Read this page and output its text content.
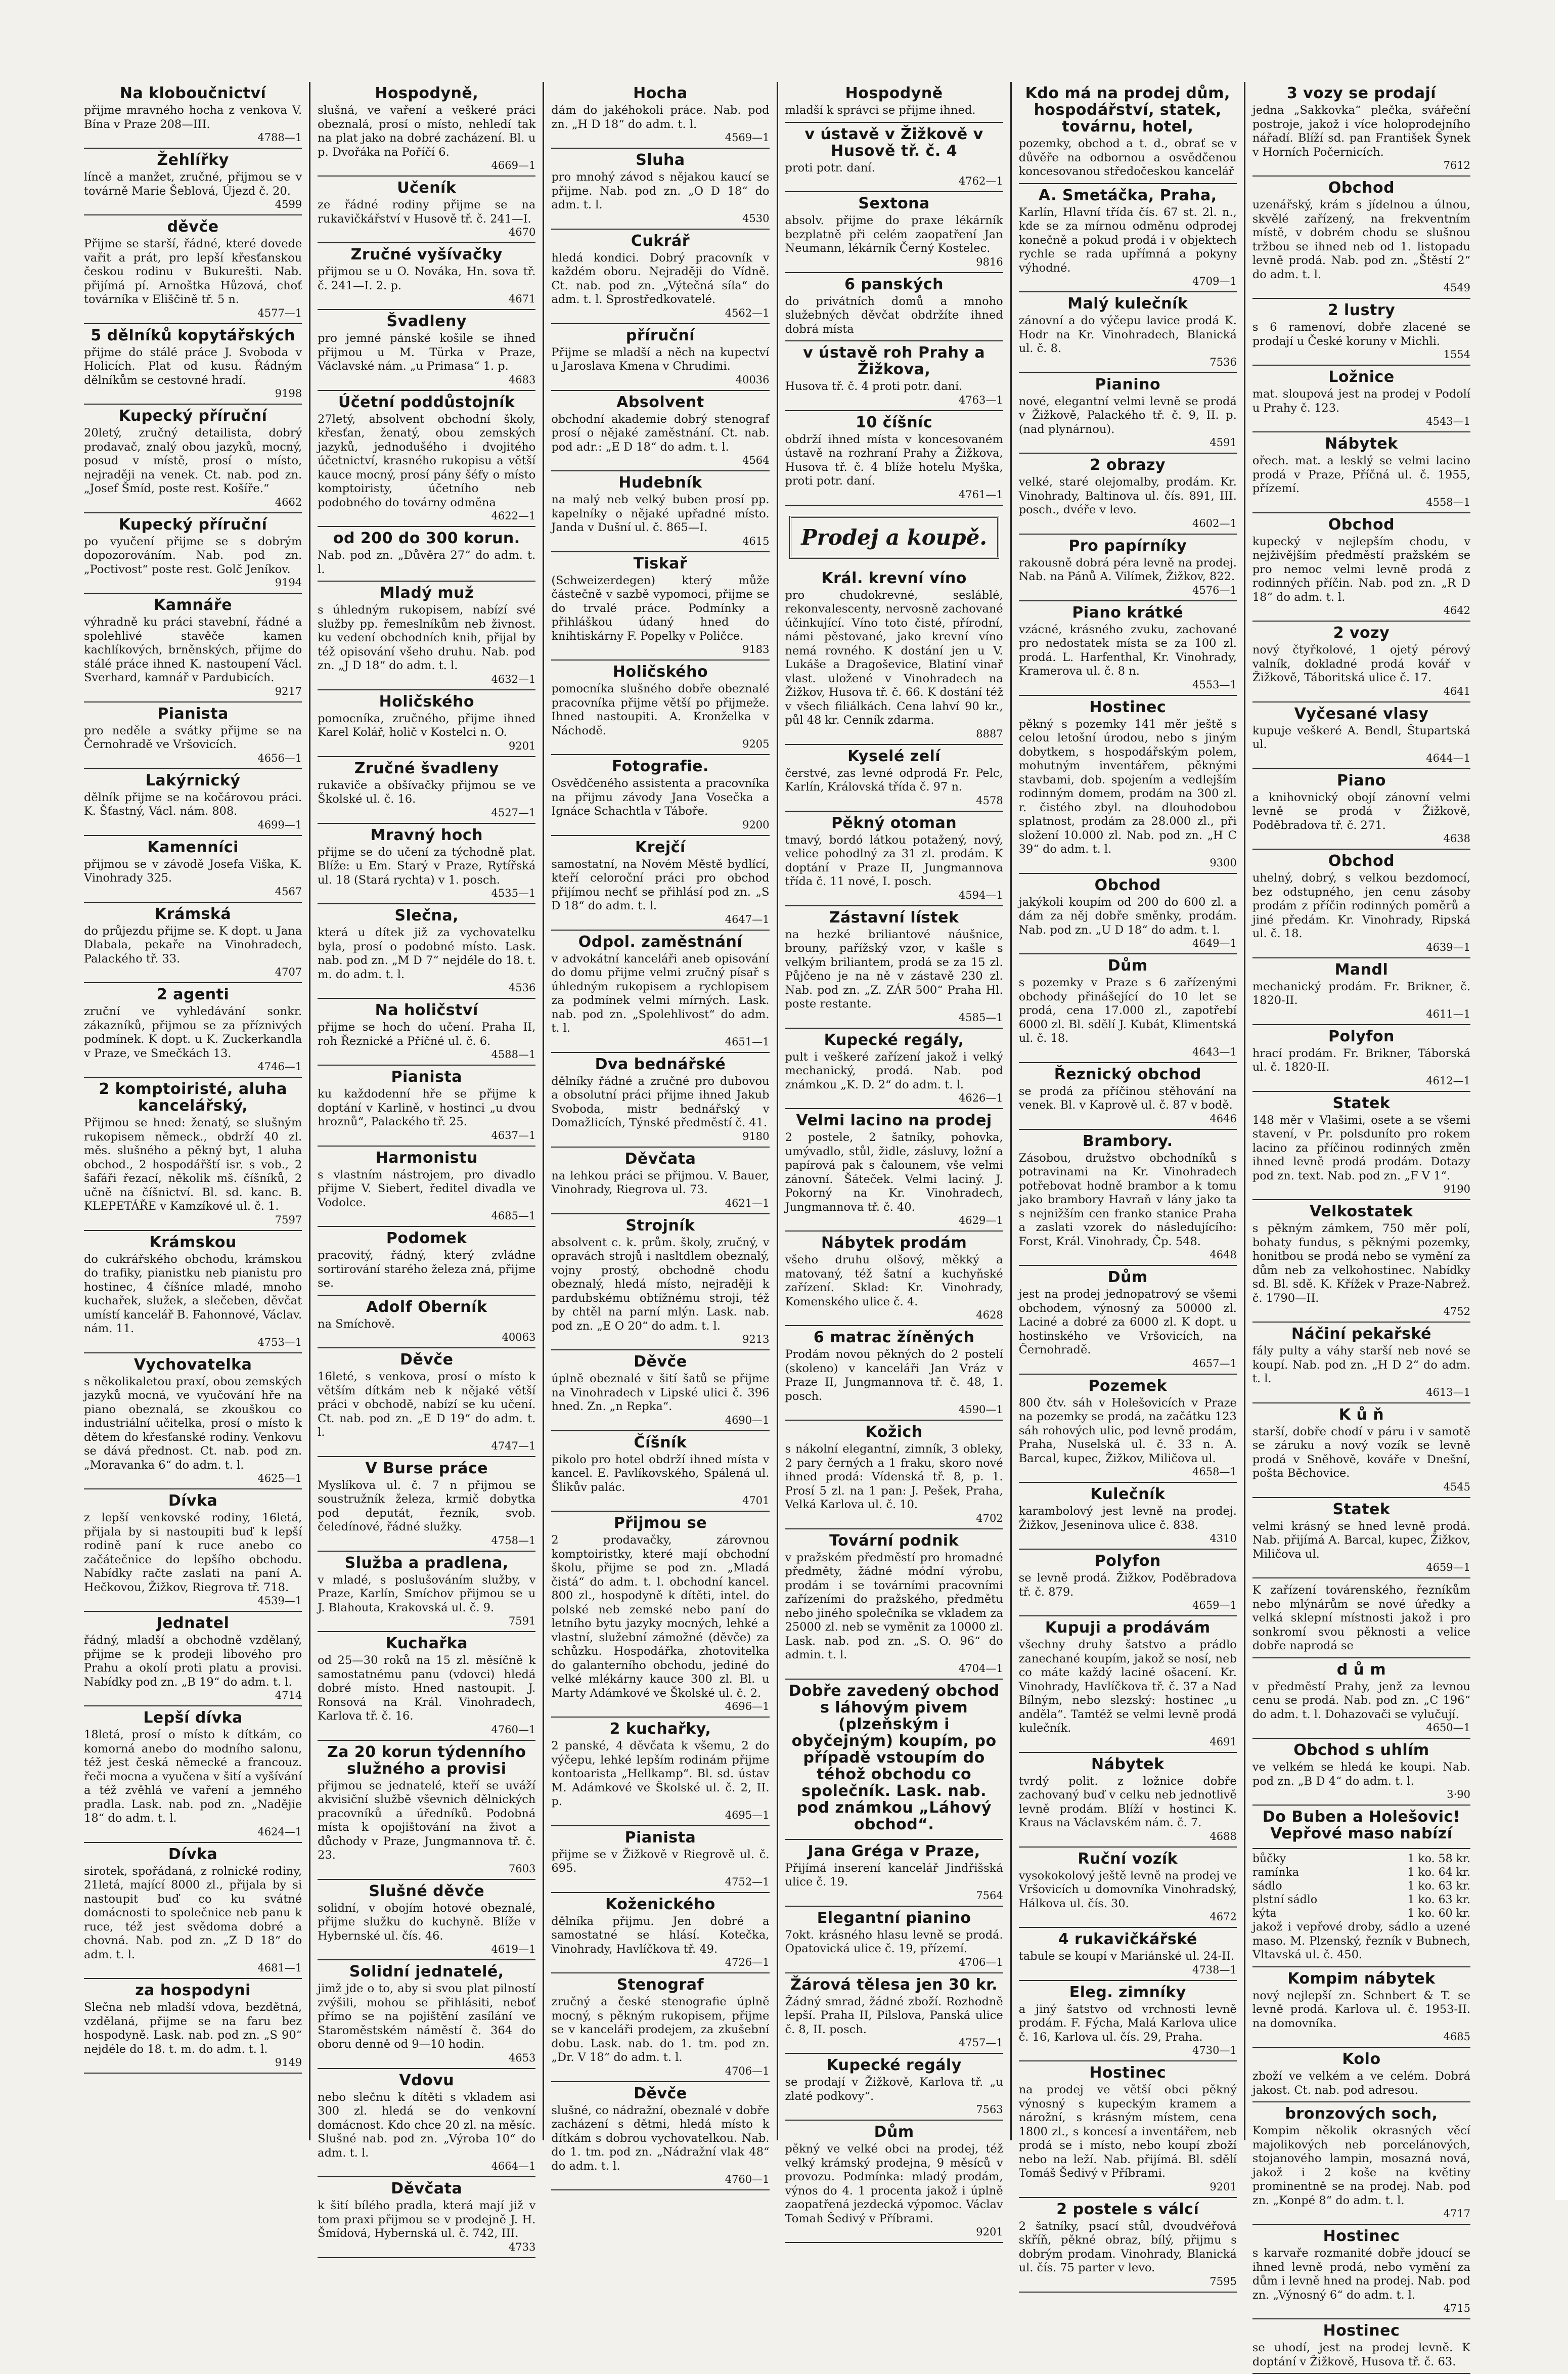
Na kloboučnictví

přijme mravného hocha z venkova V. Bína v Praze 208—III.

4788—1
Žehlířky

líncě a manžet, zručné, přijmou se v továrně Marie Šeblová, Újezd č. 20.

4599
děvče

Přijme se starší, řádné, které dovede vařit a prát, pro lepší křesťanskou českou rodinu v Bukurešti. Nab. přijímá pí. Arnoštka Hůzová, choť továrníka v Eliščině tř. 5 n.

4577—1
5 dělníků kopytářských

přijme do stálé práce J. Svoboda v Holicích. Plat od kusu. Řádným dělníkům se cestovné hradí.

9198
Kupecký příruční

20letý, zručný detailista, dobrý prodavač, znalý obou jazyků, mocný, posud v místě, prosí o místo, nejraději na venek. Ct. nab. pod zn. „Josef Šmíd, poste rest. Košíře.“

4662
Kupecký příruční

po vyučení přijme se s dobrým dopozorováním. Nab. pod zn. „Poctivost“ poste rest. Golč Jeníkov.

9194
Kamnáře

výhradně ku práci stavební, řádné a spolehlivé stavěče kamen kachlíkových, brněnských, přijme do stálé práce ihned K. nastoupení Václ. Sverhard, kamnář v Pardubicích.

9217
Pianista

pro neděle a svátky přijme se na Černohradě ve Vršovicích.

4656—1
Lakýrnický

dělník přijme se na kočárovou práci. K. Šťastný, Václ. nám. 808.

4699—1
Kamenníci

přijmou se v závodě Josefa Viška, K. Vinohrady 325.

4567
Krámská

do průjezdu přijme se. K dopt. u Jana Dlabala, pekaře na Vinohradech, Palackého tř. 33.

4707
2 agenti

zruční ve vyhledávání sonkr. zákazníků, přijmou se za příznivých podmínek. K dopt. u K. Zuckerkandla v Praze, ve Smečkách 13.

4746—1
2 komptoiristé, aluha kancelářský,

Přijmou se hned: ženatý, se slušným rukopisem německ., obdrží 40 zl. měs. slušného a pěkný byt, 1 aluha obchod., 2 hospodářští isr. s vob., 2 šafáři řezací, několik mš. číšníků, 2 učně na číšnictví. Bl. sd. kanc. B. KLEPETÁŘE v Kamzíkové ul. č. 1.

7597
Krámskou

do cukrářského obchodu, krámskou do trafiky, pianistku neb pianistu pro hostinec, 4 číšníce mladé, mnoho kuchařek, služek, a slečeben, děvčat umístí kancelář B. Fahonnové, Václav. nám. 11.

4753—1
Vychovatelka

s několikaletou praxí, obou zemských jazyků mocná, ve vyučování hře na piano obeznalá, se zkouškou co industriální učitelka, prosí o místo k dětem do křesťanské rodiny. Venkovu se dává přednost. Ct. nab. pod zn. „Moravanka 6“ do adm. t. l.

4625—1
Dívka

z lepší venkovské rodiny, 16letá, přijala by si nastoupiti buď k lepší rodině paní k ruce anebo co začátečnice do lepšího obchodu. Nabídky račte zaslati na paní A. Hečkovou, Žižkov, Riegrova tř. 718.

4539—1
Jednatel

řádný, mladší a obchodně vzdělaný, přijme se k prodeji libového pro Prahu a okolí proti platu a provisi. Nabídky pod zn. „B 19“ do adm. t. l.

4714
Lepší dívka

18letá, prosí o místo k dítkám, co komorná anebo do modního salonu, též jest česká německé a francouz. řeči mocna a vyučena v šití a vyšívání a též zvěhlá ve vaření a jemného pradla. Lask. nab. pod zn. „Nadějie 18“ do adm. t. l.

4624—1
Dívka

sirotek, spořádaná, z rolnické rodiny, 21letá, mající 8000 zl., přijala by si nastoupit buď co ku svátné domácnosti to společnice neb panu k ruce, též jest svědoma dobré a chovná. Nab. pod zn. „Z D 18“ do adm. t. l.

4681—1
za hospodyni

Slečna neb mladší vdova, bezdětná, vzdělaná, přijme se na faru bez hospodyně. Lask. nab. pod zn. „S 90“ nejdéle do 18. t. m. do adm. t. l.

9149
Hospodyně,

slušná, ve vaření a veškeré práci obeznalá, prosí o místo, nehledí tak na plat jako na dobré zacházení. Bl. u p. Dvořáka na Poříčí 6.

4669—1
Učeník

ze řádné rodiny přijme se na rukavičkářství v Husově tř. č. 241—I.

4670
Zručné vyšívačky

přijmou se u O. Nováka, Hn. sova tř. č. 241—I. 2. p.

4671
Švadleny

pro jemné pánské košile se ihned přijmou u M. Türka v Praze, Václavské nám. „u Primasa“ 1. p.

4683
Účetní poddůstojník

27letý, absolvent obchodní školy, křesťan, ženatý, obou zemských jazyků, jednodušého i dvojitého účetnictví, krasného rukopisu a větší kauce mocný, prosí pány šéfy o místo komptoiristy, účetního neb podobného do továrny odměna

4622—1
od 200 do 300 korun.

Nab. pod zn. „Důvěra 27“ do adm. t. l.

Mladý muž

s úhledným rukopisem, nabízí své služby pp. řemeslníkům neb živnost. ku vedení obchodních knih, přijal by též opisování všeho druhu. Nab. pod zn. „J D 18“ do adm. t. l.

4632—1
Holičského

pomocníka, zručného, přijme ihned Karel Kolář, holič v Kostelci n. O.

9201
Zručné švadleny

rukaviče a obšívačky přijmou se ve Školské ul. č. 16.

4527—1
Mravný hoch

přijme se do učení za týchodně plat. Blíže: u Em. Starý v Praze, Rytířská ul. 18 (Stará rychta) v 1. posch.

4535—1
Slečna,

která u dítek již za vychovatelku byla, prosí o podobné místo. Lask. nab. pod zn. „M D 7“ nejdéle do 18. t. m. do adm. t. l.

4536
Na holičství

přijme se hoch do učení. Praha II, roh Řeznické a Příčné ul. č. 6.

4588—1
Pianista

ku každodenní hře se přijme k doptání v Karlině, v hostinci „u dvou hroznů“, Palackého tř. 25.

4637—1
Harmonistu

s vlastním nástrojem, pro divadlo přijme V. Siebert, ředitel divadla ve Vodolce.

4685—1
Podomek

pracovitý, řádný, který zvládne sortirování starého železa zná, přijme se.

Adolf Oberník

na Smíchově.

40063
Děvče

16leté, s venkova, prosí o místo k větším dítkám neb k nějaké větší práci v obchodě, nabízí se ku učení. Ct. nab. pod zn. „E D 19“ do adm. t. l.

4747—1
V Burse práce

Myslíkova ul. č. 7 n přijmou se soustružník železa, krmič dobytka pod deputát, řezník, svob. čeledínové, řádné služky.

4758—1
Služba a pradlena,

v mladé, s poslušováním služby, v Praze, Karlín, Smíchov přijmou se u J. Blahouta, Krakovská ul. č. 9.

7591
Kuchařka

od 25—30 roků na 15 zl. měsíčně k samostatnému panu (vdovci) hledá dobré místo. Hned nastoupit. J. Ronsová na Král. Vinohradech, Karlova tř. č. 16.

4760—1
Za 20 korun týdenního služného a provisi

přijmou se jednatelé, kteří se uváží akvisiční službě vševnich dělnických pracovníků a úředníků. Podobná místa k opojištování na život a důchody v Praze, Jungmannova tř. č. 23.

7603
Slušné děvče

solidní, v obojím hotové obeznalé, přijme služku do kuchyně. Blíže v Hybernské ul. čís. 46.

4619—1
Solidní jednatelé,

jimž jde o to, aby si svou plat pilností zvýšili, mohou se přihlásiti, neboť přímo se na pojištění zasílání ve Staroměstském náměstí č. 364 do oboru denně od 9—10 hodin.

4653
Vdovu

nebo slečnu k dítěti s vkladem asi 300 zl. hledá se do venkovní domácnost. Kdo chce 20 zl. na měsíc. Slušné nab. pod zn. „Výroba 10“ do adm. t. l.

4664—1
Děvčata

k šití bílého pradla, která mají již v tom praxi přijmou se v prodejně J. H. Šmídová, Hybernská ul. č. 742, III.

4733
Hocha

dám do jakéhokoli práce. Nab. pod zn. „H D 18“ do adm. t. l.

4569—1
Sluha

pro mnohý závod s nějakou kaucí se přijme. Nab. pod zn. „O D 18“ do adm. t. l.

4530
Cukrář

hledá kondici. Dobrý pracovník v každém oboru. Nejraději do Vídně. Ct. nab. pod zn. „Výtečná síla“ do adm. t. l. Sprostředkovatelé.

4562—1
příruční

Přijme se mladší a něch na kupectví u Jaroslava Kmena v Chrudimi.

40036
Absolvent

obchodní akademie dobrý stenograf prosí o nějaké zaměstnání. Ct. nab. pod adr.: „E D 18“ do adm. t. l.

4564
Hudebník

na malý neb velký buben prosí pp. kapelníky o nějaké upřadné místo. Janda v Dušní ul. č. 865—I.

4615
Tiskař

(Schweizerdegen) který může částečně v sazbě vypomoci, přijme se do trvalé práce. Podmínky a přihláškou údaný hned do knihtiskárny F. Popelky v Poličce.

9183
Holičského

pomocníka slušného dobře obeznalé pracovníka přijme větší po přijmeže. Ihned nastoupiti. A. Kronželka v Náchodě.

9205
Fotografie.

Osvědčeného assistenta a pracovníka na přijmu závody Jana Vosečka a Ignáce Schachtla v Táboře.

9200
Krejčí

samostatní, na Novém Městě bydlící, kteří celoroční práci pro obchod přijímou nechť se přihlásí pod zn. „S D 18“ do adm. t. l.

4647—1
Odpol. zaměstnání

v advokátní kanceláři aneb opisování do domu přijme velmi zručný písař s úhledným rukopisem a rychlopisem za podmínek velmi mírných. Lask. nab. pod zn. „Spolehlivost“ do adm. t. l.

4651—1
Dva bednářské

dělníky řádné a zručné pro dubovou a obsolutní práci přijme ihned Jakub Svoboda, mistr bednářský v Domažlicích, Týnské předměstí č. 41.

9180
Děvčata

na lehkou práci se přijmou. V. Bauer, Vinohrady, Riegrova ul. 73.

4621—1
Strojník

absolvent c. k. prům. školy, zručný, v opravách strojů i nasltdlem obeznalý, vojny prostý, obchodně chodu obeznalý, hledá místo, nejraději k pardubskému obtížnému stroji, též by chtěl na parní mlýn. Lask. nab. pod zn. „E O 20“ do adm. t. l.

9213
Děvče

úplně obeznalé v šití šatů se přijme na Vinohradech v Lipské ulici č. 396 hned. Zn. „n Repka“.

4690—1
Číšník

pikolo pro hotel obdrží ihned místa v kancel. E. Pavlíkovského, Spálená ul. Šlikův palác.

4701
Přijmou se

2 prodavačky, zárovnou komptoiristky, které mají obchodní školu, přijme se pod zn. „Mladá čistá“ do adm. t. l. obchodní kancel. 800 zl., hospodyně k dítěti, intel. do polské neb zemské nebo paní do letního bytu jazyky mocných, lehké a vlastní, služební zámožné (děvče) za schůzku. Hospodářka, zhotovitelka do galanterního obchodu, jediné do velké mlékárny kauce 300 zl. Bl. u Marty Adámkové ve Školské ul. č. 2.

4696—1
2 kuchařky,

2 panské, 4 děvčata k všemu, 2 do výčepu, lehké lepším rodinám přijme kontoarista „Hellkamp“. Bl. sd. ústav M. Adámkové ve Školské ul. č. 2, II. p.

4695—1
Pianista

přijme se v Žižkově v Riegrově ul. č. 695.

4752—1
Koženického

dělníka přijmu. Jen dobré a samostatné se hlásí. Kotečka, Vinohrady, Havlíčkova tř. 49.

4726—1
Stenograf

zručný a české stenografie úplně mocný, s pěkným rukopisem, přijme se v kanceláři prodejem, za zkušební dobu. Lask. nab. do 1. tm. pod zn. „Dr. V 18“ do adm. t. l.

4706—1
Děvče

slušné, co nádražní, obeznalé v dobře zacházení s dětmi, hledá místo k dítkám s dobrou vychovatelkou. Nab. do 1. tm. pod zn. „Nádražní vlak 48“ do adm. t. l.

4760—1
Hospodyně

mladší k správci se přijme ihned.

v ústavě v Žižkově v Husově tř. č. 4

proti potr. daní.

4762—1
Sextona

absolv. přijme do praxe lékárník bezplatně při celém zaopatření Jan Neumann, lékárník Černý Kostelec.

9816
6 panských

do privátních domů a mnoho služebných děvčat obdržíte ihned dobrá místa

v ústavě roh Prahy a Žižkova,

Husova tř. č. 4 proti potr. daní.

4763—1
10 číšníc

obdrží ihned místa v koncesovaném ústavě na rozhraní Prahy a Žižkova, Husova tř. č. 4 blíže hotelu Myška, proti potr. daní.

4761—1
Prodej a koupě.
Král. krevní víno

pro chudokrevné, sesláblé, rekonvalescenty, nervosně zachované účinkující. Víno toto čisté, přírodní, námi pěstované, jako krevní víno nemá rovného. K dostání jen u V. Lukáše a Dragoševice, Blatiní vinař vlast. uložené v Vinohradech na Žižkov, Husova tř. č. 66. K dostání též v všech filiálkách. Cena lahví 90 kr., půl 48 kr. Cenník zdarma.

8887
Kyselé zelí

čerstvé, zas levné odprodá Fr. Pelc, Karlín, Královská třída č. 97 n.

4578
Pěkný otoman

tmavý, bordó látkou potažený, nový, velice pohodlný za 31 zl. prodám. K doptání v Praze II, Jungmannova třída č. 11 nové, I. posch.

4594—1
Zástavní lístek

na hezké briliantové náušnice, brouny, pařížský vzor, v kašle s velkým briliantem, prodá se za 15 zl. Půjčeno je na ně v zástavě 230 zl. Nab. pod zn. „Z. ZÁR 500“ Praha Hl. poste restante.

4585—1
Kupecké regály,

pult i veškeré zařízení jakož i velký mechanický, prodá. Nab. pod známkou „K. D. 2“ do adm. t. l.

4626—1
Velmi lacino na prodej

2 postele, 2 šatníky, pohovka, umývadlo, stůl, židle, zásluvy, ložní a papírová pak s čalounem, vše velmi zánovní. Šáteček. Velmi laciný. J. Pokorný na Kr. Vinohradech, Jungmannova tř. č. 40.

4629—1
Nábytek prodám

všeho druhu olšový, měkký a matovaný, též šatní a kuchyňské zařízení. Sklad: Kr. Vinohrady, Komenského ulice č. 4.

4628
6 matrac žíněných

Prodám novou pěkných do 2 postelí (skoleno) v kanceláři Jan Vráz v Praze II, Jungmannova tř. č. 48, 1. posch.

4590—1
Kožich

s nákolní elegantní, zimník, 3 obleky, 2 pary černých a 1 fraku, skoro nové ihned prodá: Vídenská tř. 8, p. 1. Prosí 5 zl. na 1 pan: J. Pešek, Praha, Velká Karlova ul. č. 10.

4702
Tovární podnik

v pražském předměstí pro hromadné předměty, žádné módní výrobu, prodám i se továrními pracovními zařízeními do pražského, předmětu nebo jiného společníka se vkladem za 25000 zl. neb se vyměnit za 10000 zl. Lask. nab. pod zn. „S. O. 96“ do admin. t. l.

4704—1
Dobře zavedený obchod s láhovým pivem (plzeňským i obyčejným) koupím, po případě vstoupím do téhož obchodu co společník. Lask. nab. pod známkou „Láhový obchod“.

Jana Gréga v Praze,

Přijímá inserení kancelář Jindřišská ulice č. 19.

7564
Elegantní pianino

7okt. krásného hlasu levně se prodá. Opatovická ulice č. 19, přízemí.

4706—1
Žárová tělesa jen 30 kr.

Žádný smrad, žádné zboží. Rozhodně lepší. Praha II, Pilslova, Panská ulice č. 8, II. posch.

4757—1
Kupecké regály

se prodají v Žižkově, Karlova tř. „u zlaté podkovy“.

7563
Dům

pěkný ve velké obci na prodej, též velký krámský prodejna, 9 měsíců v provozu. Podmínka: mladý prodám, výnos do 4. 1 procenta jakož i úplně zaopatřená jezdecká výpomoc. Václav Tomah Šedivý v Příbrami.

9201
Kdo má na prodej dům, hospodářství, statek, továrnu, hotel,

pozemky, obchod a t. d., obrať se v důvěře na odbornou a osvědčenou koncesovanou středočeskou kancelář

A. Smetáčka, Praha,

Karlín, Hlavní třída čís. 67 st. 2l. n., kde se za mírnou odměnu odprodej konečně a pokud prodá i v objektech rychle se rada upřímná a pokyny výhodné.

4709—1
Malý kulečník

zánovní a do výčepu lavice prodá K. Hodr na Kr. Vinohradech, Blanická ul. č. 8.

7536
Pianino

nové, elegantní velmi levně se prodá v Žižkově, Palackého tř. č. 9, II. p. (nad plynárnou).

4591
2 obrazy

velké, staré olejomalby, prodám. Kr. Vinohrady, Baltinova ul. čís. 891, III. posch., dvéře v levo.

4602—1
Pro papírníky

rakousně dobrá péra levně na prodej. Nab. na Pánů A. Vilímek, Žižkov, 822.

4576—1
Piano krátké

vzácné, krásného zvuku, zachované pro nedostatek místa se za 100 zl. prodá. L. Harfenthal, Kr. Vinohrady, Kramerova ul. č. 8 n.

4553—1
Hostinec

pěkný s pozemky 141 měr ještě s celou letošní úrodou, nebo s jiným dobytkem, s hospodářským polem, mohutným inventářem, pěknými stavbami, dob. spojením a vedlejším rodinným domem, prodám na 300 zl. r. čistého zbyl. na dlouhodobou splatnost, prodám za 28.000 zl., při složení 10.000 zl. Nab. pod zn. „H C 39“ do adm. t. l.

9300
Obchod

jakýkoli koupím od 200 do 600 zl. a dám za něj dobře směnky, prodám. Nab. pod zn. „U D 18“ do adm. t. l.

4649—1
Dům

s pozemky v Praze s 6 zařízenými obchody přinášející do 10 let se prodá, cena 17.000 zl., zapotřebí 6000 zl. Bl. sdělí J. Kubát, Klimentská ul. č. 18.

4643—1
Řeznický obchod

se prodá za příčinou stěhování na venek. Bl. v Kaprově ul. č. 87 v bodě.

4646
Brambory.

Zásobou, družstvo obchodníků s potravinami na Kr. Vinohradech potřebovat hodně brambor a k tomu jako brambory Havraň v lány jako ta s nejnižším cen franko stanice Praha a zaslati vzorek do následujícího: Forst, Král. Vinohrady, Čp. 548.

4648
Dům

jest na prodej jednopatrový se všemi obchodem, výnosný za 50000 zl. Laciné a dobré za 6000 zl. K dopt. u hostinského ve Vršovicích, na Černohradě.

4657—1
Pozemek

800 čtv. sáh v Holešovicích v Praze na pozemky se prodá, na začátku 123 sáh rohových ulic, pod levně prodám, Praha, Nuselská ul. č. 33 n. A. Barcal, kupec, Žižkov, Miličova ul.

4658—1
Kulečník

karambolový jest levně na prodej. Žižkov, Jeseninova ulice č. 838.

4310
Polyfon

se levně prodá. Žižkov, Poděbradova tř. č. 879.

4659—1
Kupuji a prodávám

všechny druhy šatstvo a prádlo zanechané koupím, jakož se nosí, neb co máte každý laciné ošacení. Kr. Vinohrady, Havlíčkova tř. č. 37 a Nad Bílným, nebo slezský: hostinec „u anděla“. Tamtéž se velmi levně prodá kulečník.

4691
Nábytek

tvrdý polit. z ložnice dobře zachovaný buď v celku neb jednotlivě levně prodám. Blíží v hostinci K. Kraus na Václavském nám. č. 7.

4688
Ruční vozík

vysokokolový ještě levně na prodej ve Vršovicích u domovníka Vinohradský, Hálkova ul. čís. 30.

4672
4 rukavičkářské

tabule se koupí v Mariánské ul. 24-II.

4738—1
Eleg. zimníky

a jiný šatstvo od vrchnosti levně prodám. F. Fýcha, Malá Karlova ulice č. 16, Karlova ul. čís. 29, Praha.

4730—1
Hostinec

na prodej ve větší obci pěkný výnosný s kupeckým kramem a nárožní, s krásným místem, cena 1800 zl., s koncesí a inventářem, neb prodá se i místo, nebo koupí zboží nebo na leží. Nab. přijímá. Bl. sdělí Tomáš Šedivý v Příbrami.

9201
2 postele s válcí

2 šatníky, psací stůl, dvoudvéřová skříň, pěkné obraz, bílý, přijmu s dobrým prodam. Vinohrady, Blanická ul. čís. 75 parter v levo.

7595
3 vozy se prodají

jedna „Sakkovka“ plečka, svářeční postroje, jakož i více holoprodejního nářadí. Blíží sd. pan František Šynek v Horních Počernicích.

7612
Obchod

uzenářský, krám s jídelnou a úlnou, skvělé zařízený, na frekventním místě, v dobrém chodu se slušnou tržbou se ihned neb od 1. listopadu levně prodá. Nab. pod zn. „Štěstí 2“ do adm. t. l.

4549
2 lustry

s 6 ramenoví, dobře zlacené se prodají u České koruny v Michli.

1554
Ložnice

mat. sloupová jest na prodej v Podolí u Prahy č. 123.

4543—1
Nábytek

ořech. mat. a lesklý se velmi lacino prodá v Praze, Příčná ul. č. 1955, přízemí.

4558—1
Obchod

kupecký v nejlepším chodu, v nejživějším předměstí pražském se pro nemoc velmi levně prodá z rodinných příčin. Nab. pod zn. „R D 18“ do adm. t. l.

4642
2 vozy

nový čtyřkolové, 1 ojetý pérový valník, dokladné prodá kovář v Žižkově, Táboritská ulice č. 17.

4641
Vyčesané vlasy

kupuje veškeré A. Bendl, Štupartská ul.

4644—1
Piano

a knihovnický obojí zánovní velmi levně se prodá v Žižkově, Poděbradova tř. č. 271.

4638
Obchod

uhelný, dobrý, s velkou bezdomocí, bez odstupného, jen cenu zásoby prodám z příčin rodinných poměrů a jiné předám. Kr. Vinohrady, Ripská ul. č. 18.

4639—1
Mandl

mechanický prodám. Fr. Brikner, č. 1820-II.

4611—1
Polyfon

hrací prodám. Fr. Brikner, Táborská ul. č. 1820-II.

4612—1
Statek

148 měr v Vlašimi, osete a se všemi stavení, v Pr. polsduníto pro rokem lacino za příčinou rodinných změn ihned levně prodá prodám. Dotazy pod zn. text. Nab. pod zn. „F V 1“.

9190
Velkostatek

s pěkným zámkem, 750 měr polí, bohaty fundus, s pěknými pozemky, honitbou se prodá nebo se vymění za dům neb za velkohostinec. Nabídky sd. Bl. sdě. K. Křížek v Praze-Nabrež. č. 1790—II.

4752
Náčiní pekařské

fály pulty a váhy starší neb nové se koupí. Nab. pod zn. „H D 2“ do adm. t. l.

4613—1
K ů ň

starší, dobře chodí v páru i v samotě se záruku a nový vozík se levně prodá v Sněhově, kováře v Dnešní, pošta Běchovice.

4545
Statek

velmi krásný se hned levně prodá. Nab. přijímá A. Barcal, kupec, Žižkov, Miličova ul.

4659—1

K zařízení továrenského, řezníkům nebo mlýnárům se nové úředky a velká sklepní místnosti jakož i pro sonkromí svou pěknosti a velice dobře naprodá se

d ů m

v předměstí Prahy, jenž za levnou cenu se prodá. Nab. pod zn. „C 196“ do adm. t. l. Dohazovači se vylučují.

4650—1
Obchod s uhlím

ve velkém se hledá ke koupi. Nab. pod zn. „B D 4“ do adm. t. l.

3·90
Do Buben a Holešovic! Vepřové maso nabízí

bůčky	1 ko. 58 kr.
ramínka	1 ko. 64 kr.
sádlo	1 ko. 63 kr.
plstní sádlo	1 ko. 63 kr.
kýta	1 ko. 60 kr.

jakož i vepřové droby, sádlo a uzené maso. M. Plzenský, řezník v Bubnech, Vltavská ul. č. 450.

Kompim nábytek

nový nejlepší zn. Schnbert & T. se levně prodá. Karlova ul. č. 1953-II. na domovníka.

4685
Kolo

zboží ve velkém a ve celém. Dobrá jakost. Ct. nab. pod adresou.

bronzových soch,

Kompim několik okrasných věcí majolikových neb porcelánových, stojanového lampin, mosazná nová, jakož i 2 koše na květiny prominentně se na prodej. Nab. pod zn. „Konpé 8“ do adm. t. l.

4717
Hostinec

s karvaře rozmanité dobře jdoucí se ihned levně prodá, nebo vymění za dům i levně hned na prodej. Nab. pod zn. „Výnosný 6“ do adm. t. l.

4715
Hostinec

se uhodí, jest na prodej levně. K doptání v Žižkově, Husova tř. č. 63.
